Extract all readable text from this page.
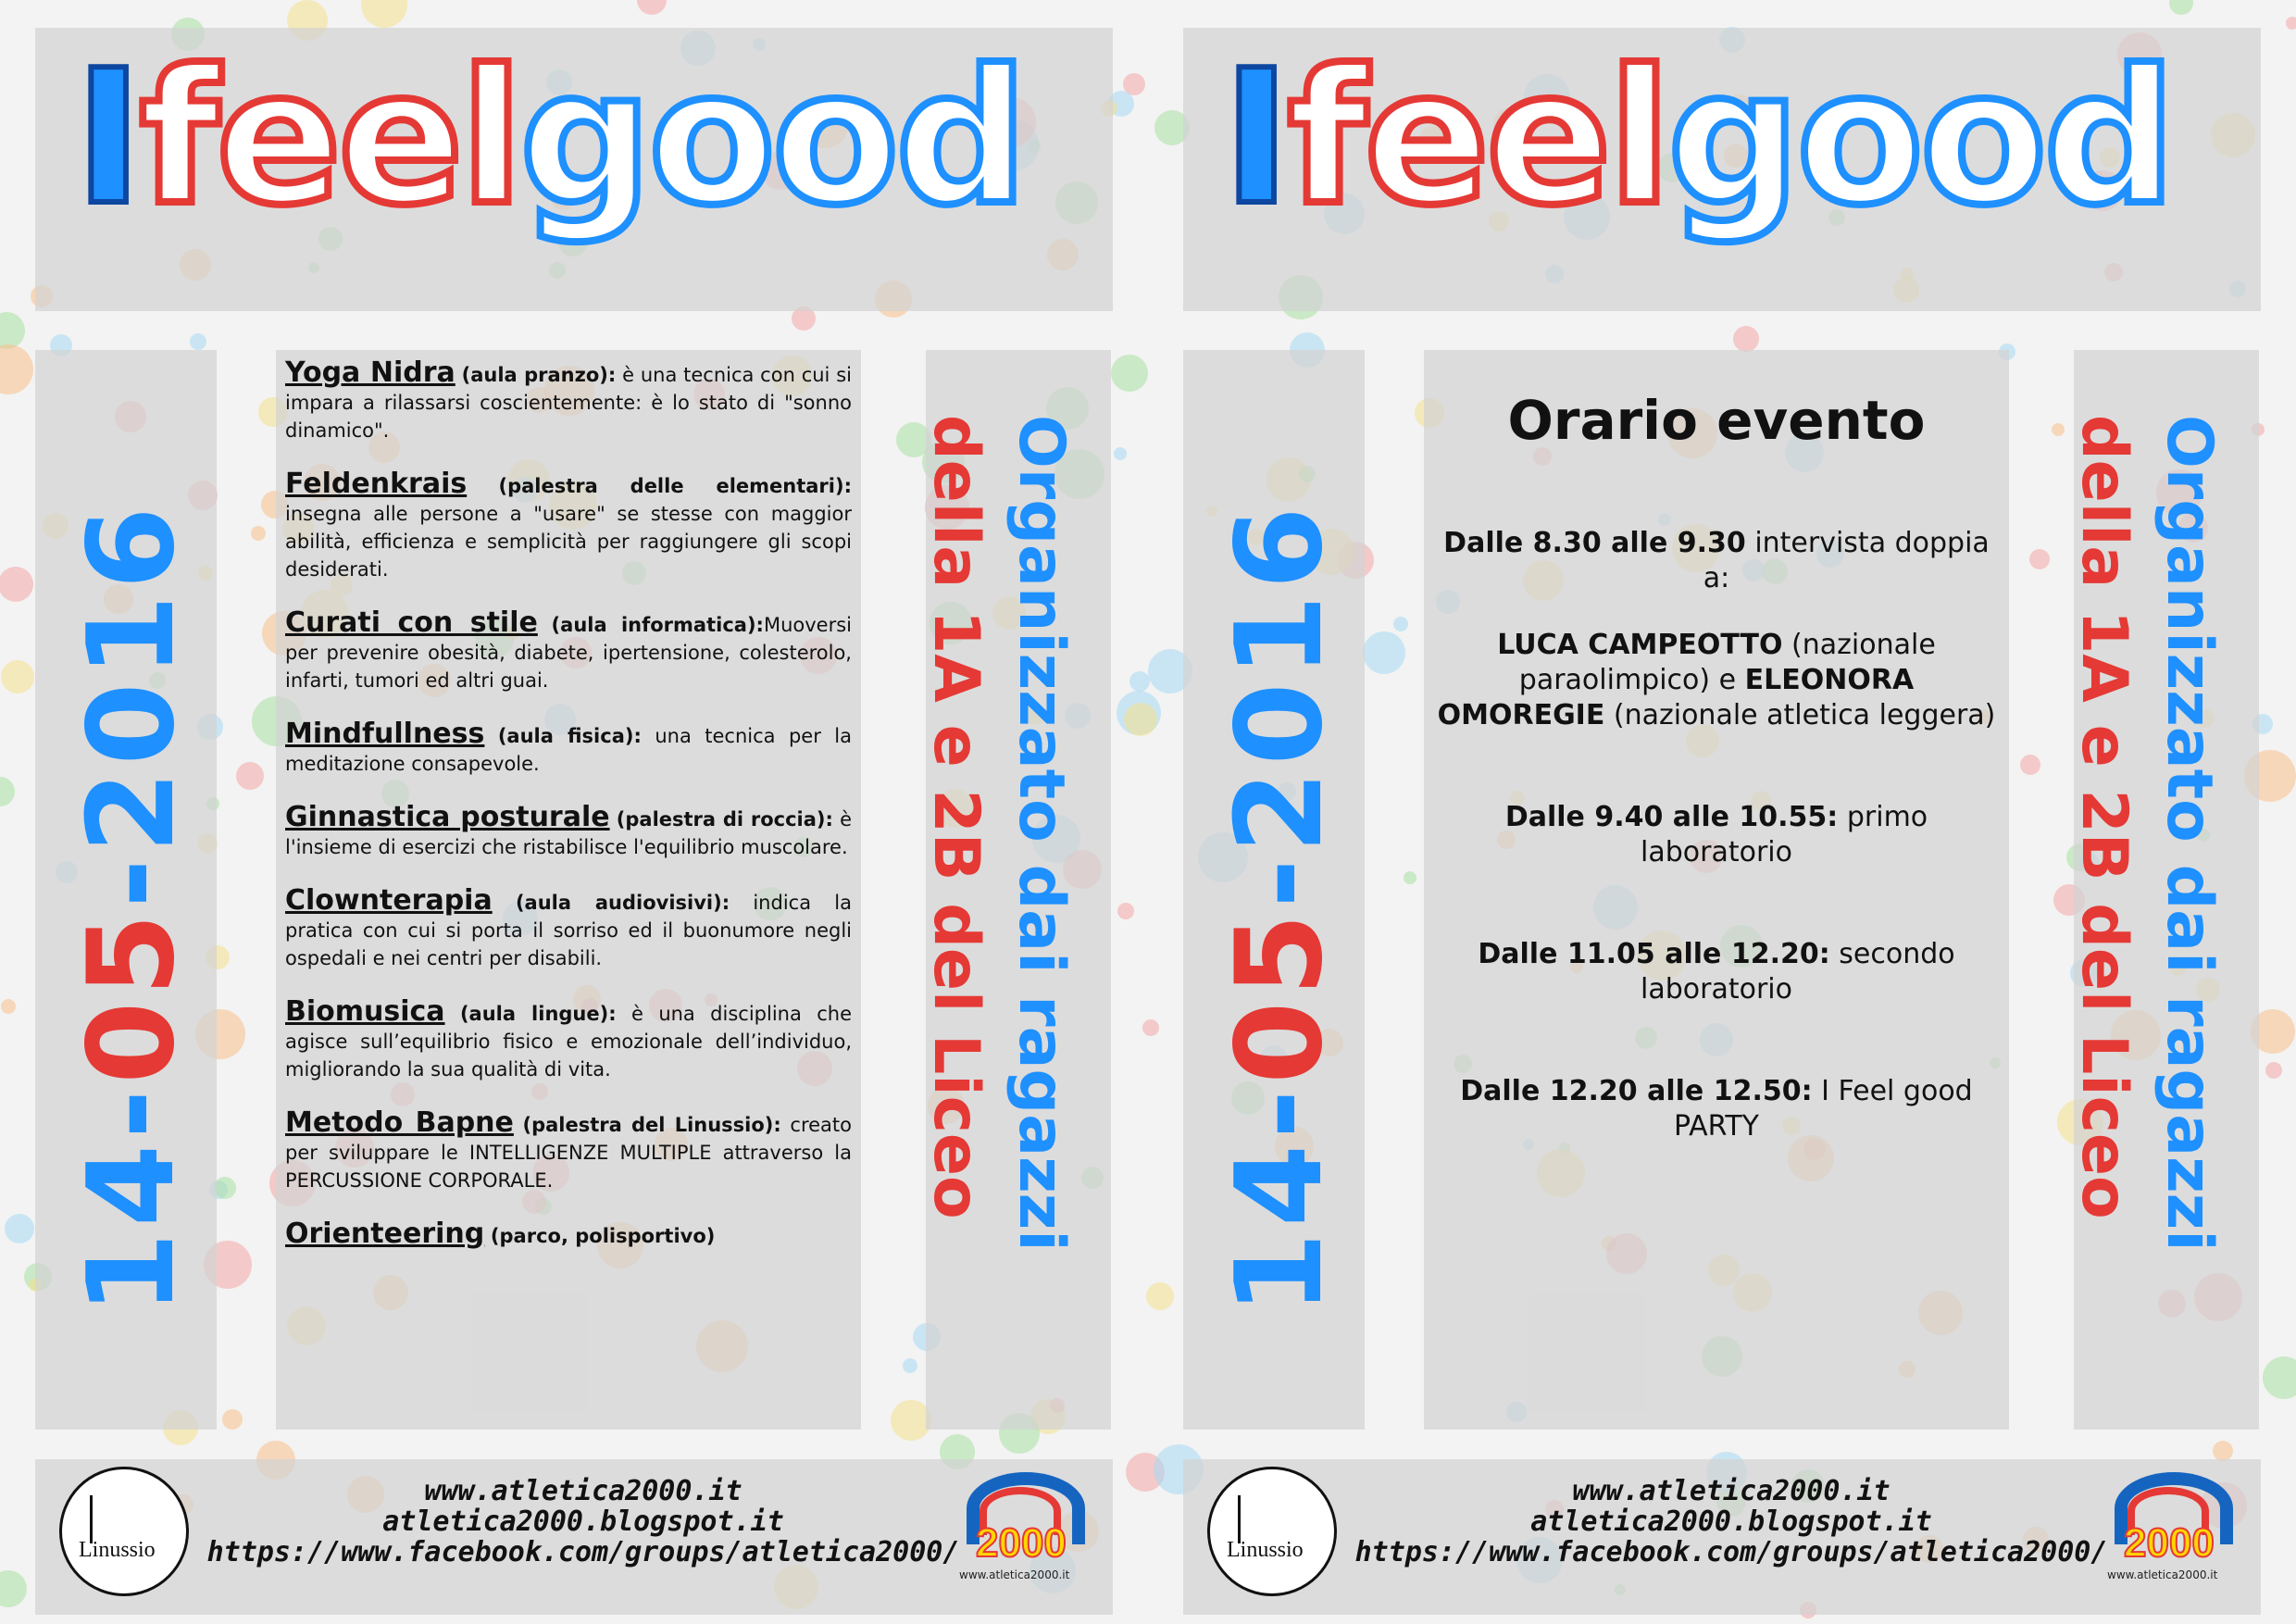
Ifeelgood
14-05-2016	Organizzato dai ragazzi
della 1A e 2B del Liceo
Yoga Nidra (aula pranzo): è una tecnica con cui si impara a rilassarsi coscientemente: è lo stato di "sonno dinamico".
Feldenkrais (palestra delle elementari): insegna alle persone a "usare" se stesse con maggior abilità, efficienza e semplicità per raggiungere gli scopi desiderati.
Curati con stile (aula informatica):Muoversi per prevenire obesità, diabete, ipertensione, colesterolo, infarti, tumori ed altri guai.
Mindfullness (aula fisica): una tecnica per la meditazione consapevole.
Ginnastica posturale (palestra di roccia): è l'insieme di esercizi che ristabilisce l'equilibrio muscolare.
Clownterapia (aula audiovisivi): indica la pratica con cui si porta il sorriso ed il buonumore negli ospedali e nei centri per disabili.
Biomusica (aula lingue): è una disciplina che agisce sull’equilibrio fisico e emozionale dell’individuo, migliorando la sua qualità di vita.
Metodo Bapne (palestra del Linussio): creato per sviluppare le INTELLIGENZE MULTIPLE attraverso la PERCUSSIONE CORPORALE.
Orienteering (parco, polisportivo)
Linussio
www.atletica2000.it
atletica2000.blogspot.it
https://www.facebook.com/groups/atletica2000/ 2000
www.atletica2000.it
Ifeelgood
14-05-2016	Organizzato dai ragazzi
della 1A e 2B del Liceo
Orario evento
Dalle 8.30 alle 9.30 intervista doppia a:
LUCA CAMPEOTTO (nazionale paraolimpico) e ELEONORA OMOREGIE (nazionale atletica leggera)
Dalle 9.40 alle 10.55: primo laboratorio
Dalle 11.05 alle 12.20: secondo laboratorio
Dalle 12.20 alle 12.50: I Feel good PARTY
Linussio
www.atletica2000.it
atletica2000.blogspot.it
https://www.facebook.com/groups/atletica2000/ 2000
www.atletica2000.it
